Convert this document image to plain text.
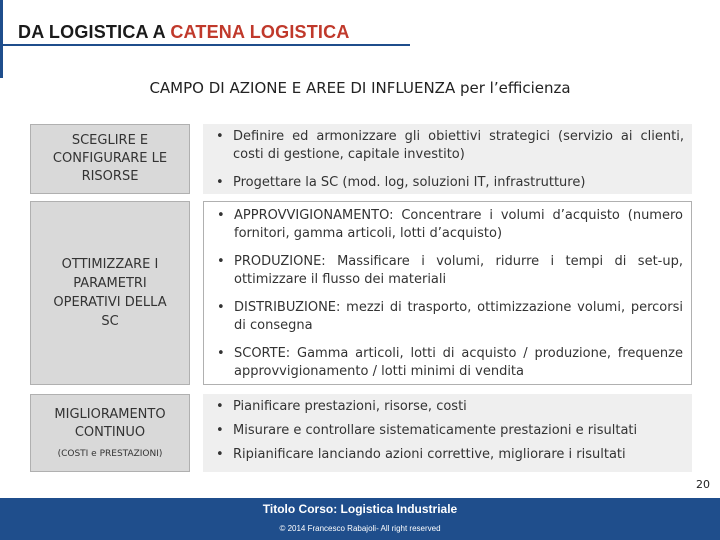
DA LOGISTICA A CATENA LOGISTICA
CAMPO DI AZIONE E AREE DI INFLUENZA per l’efficienza
SCEGLIRE E
CONFIGURARE LE
RISORSE
• Definire ed armonizzare gli obiettivi strategici (servizio ai clienti, costi di gestione, capitale investito)
• Progettare la SC (mod. log, soluzioni IT, infrastrutture)
OTTIMIZZARE I
PARAMETRI
OPERATIVI DELLA
SC
• APPROVVIGIONAMENTO: Concentrare i volumi d’acquisto (numero fornitori, gamma articoli, lotti d’acquisto)
• PRODUZIONE: Massificare i volumi, ridurre i tempi di set-up, ottimizzare il flusso dei materiali
• DISTRIBUZIONE: mezzi di trasporto, ottimizzazione volumi, percorsi di consegna
• SCORTE: Gamma articoli, lotti di acquisto / produzione, frequenze approvvigionamento / lotti minimi di vendita
MIGLIORAMENTO
CONTINUO
(COSTI e PRESTAZIONI)
• Pianificare prestazioni, risorse, costi
• Misurare e controllare sistematicamente prestazioni e risultati
• Ripianificare lanciando azioni correttive, migliorare i risultati
20
Titolo Corso: Logistica Industriale
© 2014 Francesco Rabajoli- All right reserved
